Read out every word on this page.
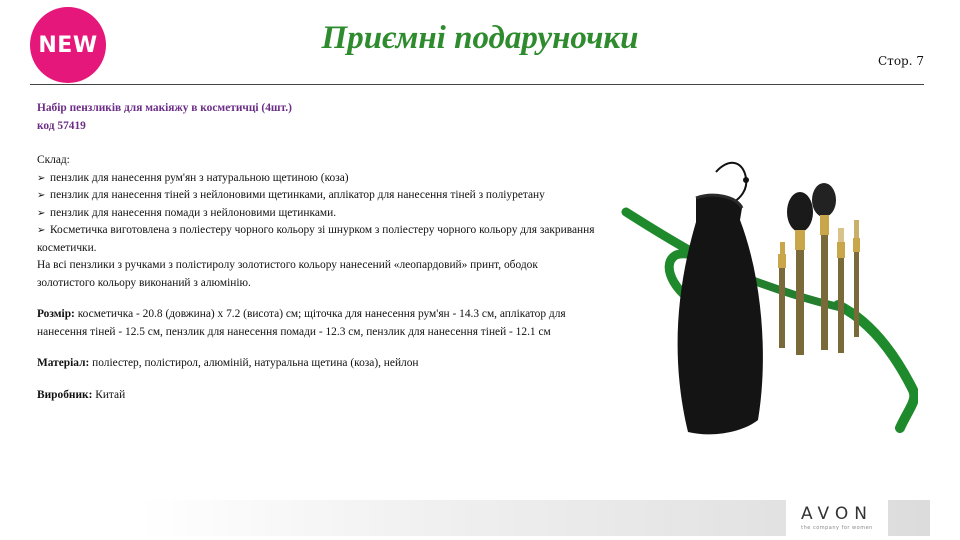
NEW	Приємні подаруночки
Стор. 7
Набір пензликів для макіяжу в косметичці (4шт.)
код 57419
Склад:
➢ пензлик для нанесення рум'ян з натуральною щетиною (коза)
➢ пензлик для нанесення тіней з нейлоновими щетинками, аплікатор для нанесення тіней з поліуретану
➢ пензлик для нанесення помади з нейлоновими щетинками.
➢ Косметичка виготовлена з поліестеру чорного кольору зі шнурком з поліестеру чорного кольору для закривання косметички.
На всі пензлики з ручками з полістиролу золотистого кольору нанесений «леопардовий» принт, ободок золотистого кольору виконаний з алюмінію.
Розмір: косметичка - 20.8 (довжина) х 7.2 (висота) см; щіточка для нанесення рум'ян - 14.3 см, аплікатор для нанесення тіней - 12.5 см, пензлик для нанесення помади - 12.3 см, пензлик для нанесення тіней - 12.1 см
Матеріал: поліестер, полістирол, алюміній, натуральна щетина (коза), нейлон
Виробник: Китай
AVON
the company for women
